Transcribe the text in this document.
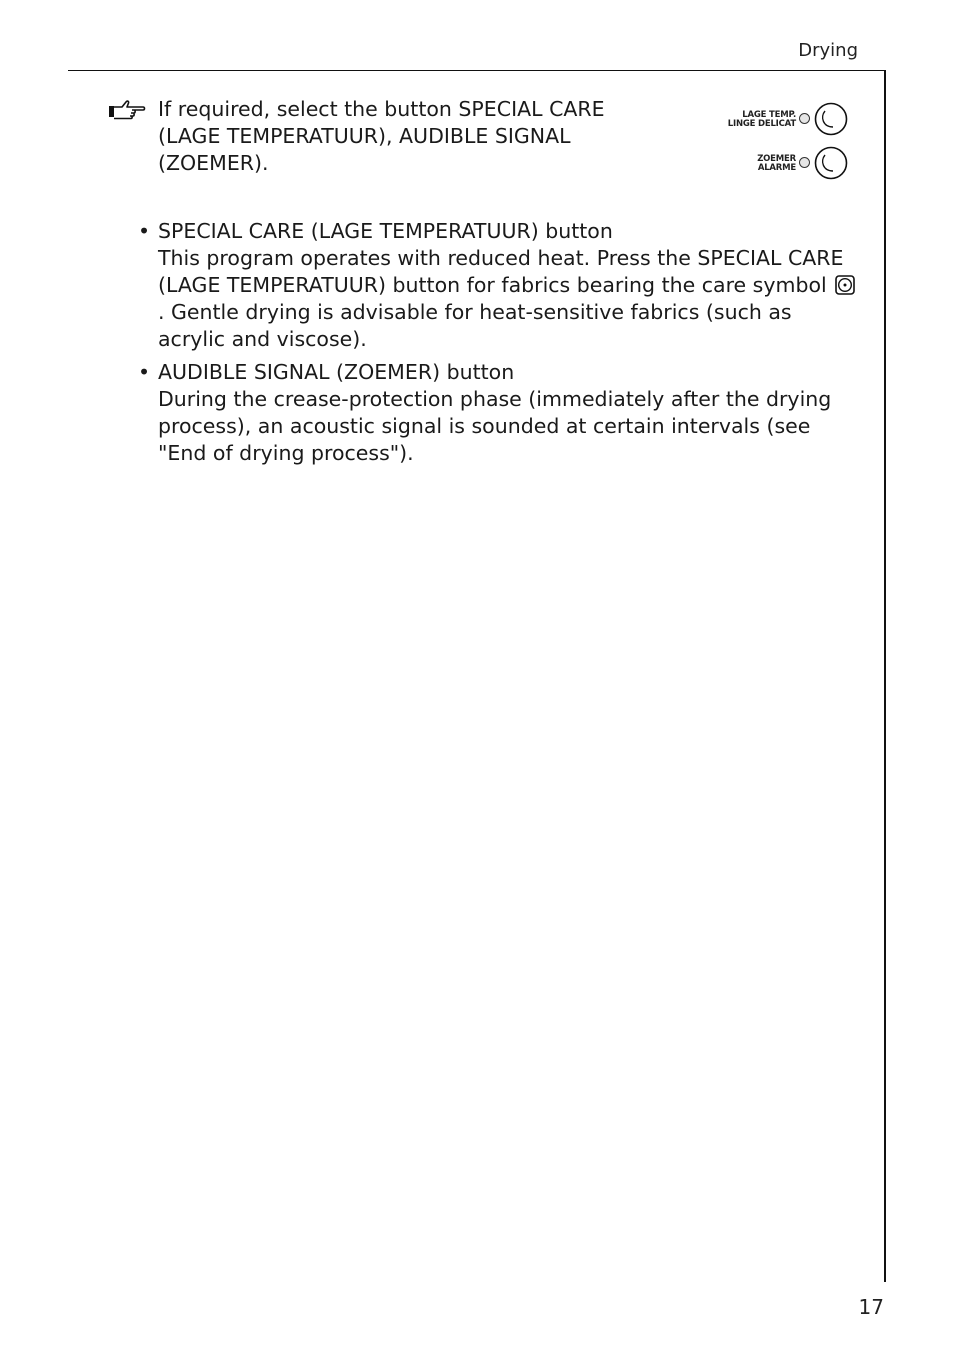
Drying

If required, select the button SPECIAL CARE (LAGE TEMPERATUUR), AUDIBLE SIGNAL (ZOEMER).

LAGE TEMP.
LINGE DELICAT
ZOEMER
ALARME
• SPECIAL CARE (LAGE TEMPERATUUR) button
This program operates with reduced heat. Press the SPECIAL CARE (LAGE TEMPERATUUR) button for fabrics bearing the care symbol . Gentle drying is advisable for heat-sensitive fabrics (such as acrylic and viscose).
• AUDIBLE SIGNAL (ZOEMER) button
During the crease-protection phase (immediately after the drying process), an acoustic signal is sounded at certain intervals (see "End of drying process").
17
